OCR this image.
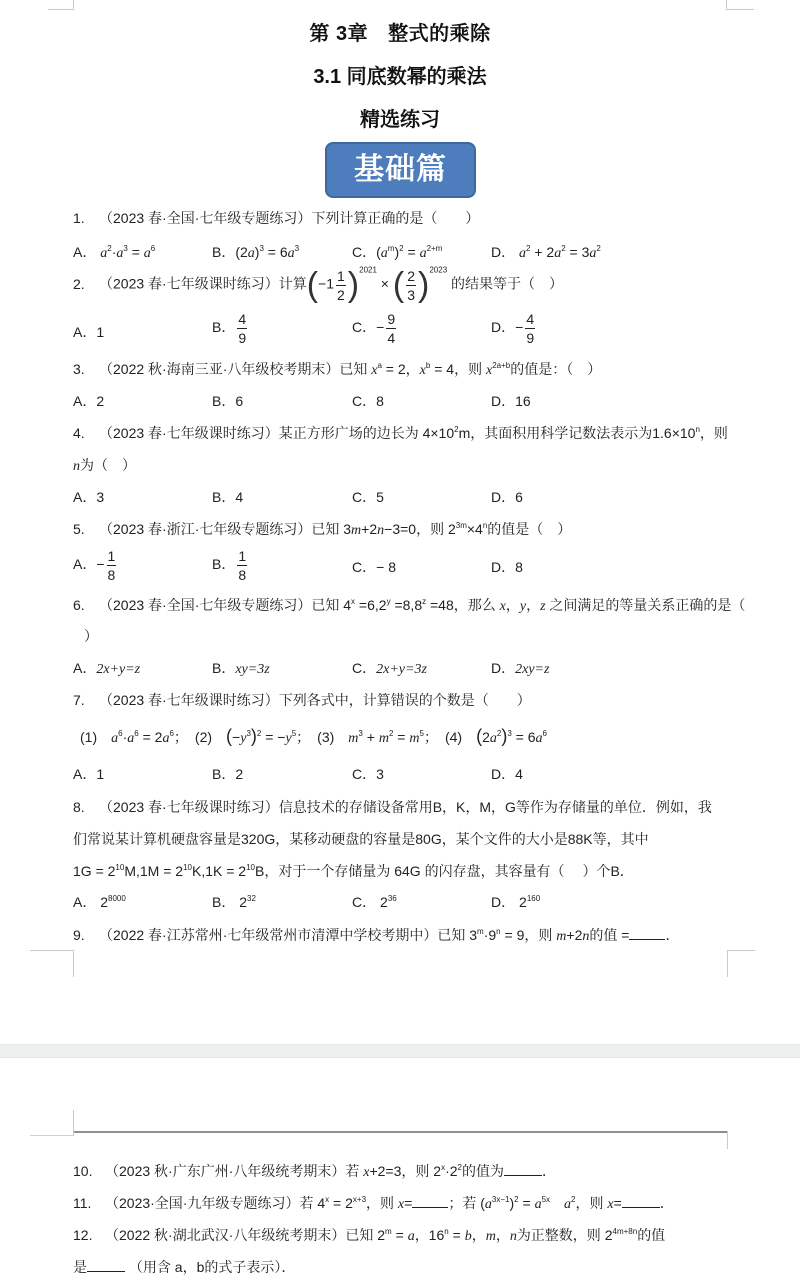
第 3章 整式的乘除
3.1 同底数幂的乘法
精选练习
基础篇
1. （2023 春·全国·七年级专题练习）下列计算正确的是（　　）
A． $a^2\cdot a^3 = a^6$	B．$(2a)^3 = 6a^3$	C．$(a^m)^2 = a^{2+m}$	D． $a^2 + 2a^2 = 3a^2$
2. （2023 春·七年级课时练习）计算$(-1 \frac{1}{2} )^{2021}$ × ( $\frac{2}{3} )^{2023}$ 的结果等于（　）
A．1	B． $\frac{4}{9}$	C．− $\frac{9}{4}$	D．− $\frac{4}{9}$
3. （2022 秋·海南三亚·八年级校考期末）已知 $x^a = 2$，$x^b = 4$，则 $x^{2a+b}$的值是：（　）
A．2	B．6	C．8	D．16
4. （2023 春·七年级课时练习）某正方形广场的边长为 $4\times 10^2m$，其面积用科学记数法表示为$1.6\times 10^n$，则
n为（　）
A．3	B．4	C．5	D．6
5. （2023 春·浙江·七年级专题练习）已知 3m+2n−3=0，则 $2^{3m}\times 4^n$的值是（　）
A．− $\frac{1}{8}$	B． $\frac{1}{8}$	C．− 8	D．8
6. （2023 春·全国·七年级专题练习）已知 $4^x =6,2^y =8,8^z =48$，那么 x，y，z 之间满足的等量关系正确的是（
）
A．2x+y=z	B．xy=3z	C．2x+y=3z	D．2xy=z
7. （2023 春·七年级课时练习）下列各式中，计算错误的个数是（　　）
(1)　 $a^6\cdot a^6 = 2a^6$；　(2)　 $(-y^3)^2 = -y^5$；　(3)　 $m^3 + m^2 = m^5$；　(4)　 $(2a^2)^3 = 6a^6$
A．1	B．2	C．3	D．4
8. （2023 春·七年级课时练习）信息技术的存储设备常用B，K，M，G等作为存储量的单位．例如，我
们常说某计算机硬盘容量是320G，某移动硬盘的容量是80G，某个文件的大小是88K等，其中
$1G = 2^{10}M,1M = 2^{10}K,1K = 2^{10}B$，对于一个存储量为 64G 的闪存盘，其容量有（　 ）个B．
A． $2^{8000}$	B． $2^{32}$	C． $2^{36}$	D． $2^{160}$
9. （2022 春·江苏常州·七年级常州市清潭中学校考期中）已知 $3^m\cdot 9^n = 9$，则 m+2n的值 =	．
10. （2023 秋·广东广州·八年级统考期末）若 x+2=3，则 $2^x\cdot 2^2$的值为	．
11. （2023·全国·九年级专题练习）若 $4^x = 2^{x+3}$，则 x=	；若 $(a^{3x-1})^2 = a^{5x}$　 $a^2$，则 x=	．
12. （2022 秋·湖北武汉·八年级统考期末）已知 $2^m = a$，$16^n = b$，m，n为正整数，则 $2^{4m+8n}$的值
是	（用含 a，b的式子表示）．
